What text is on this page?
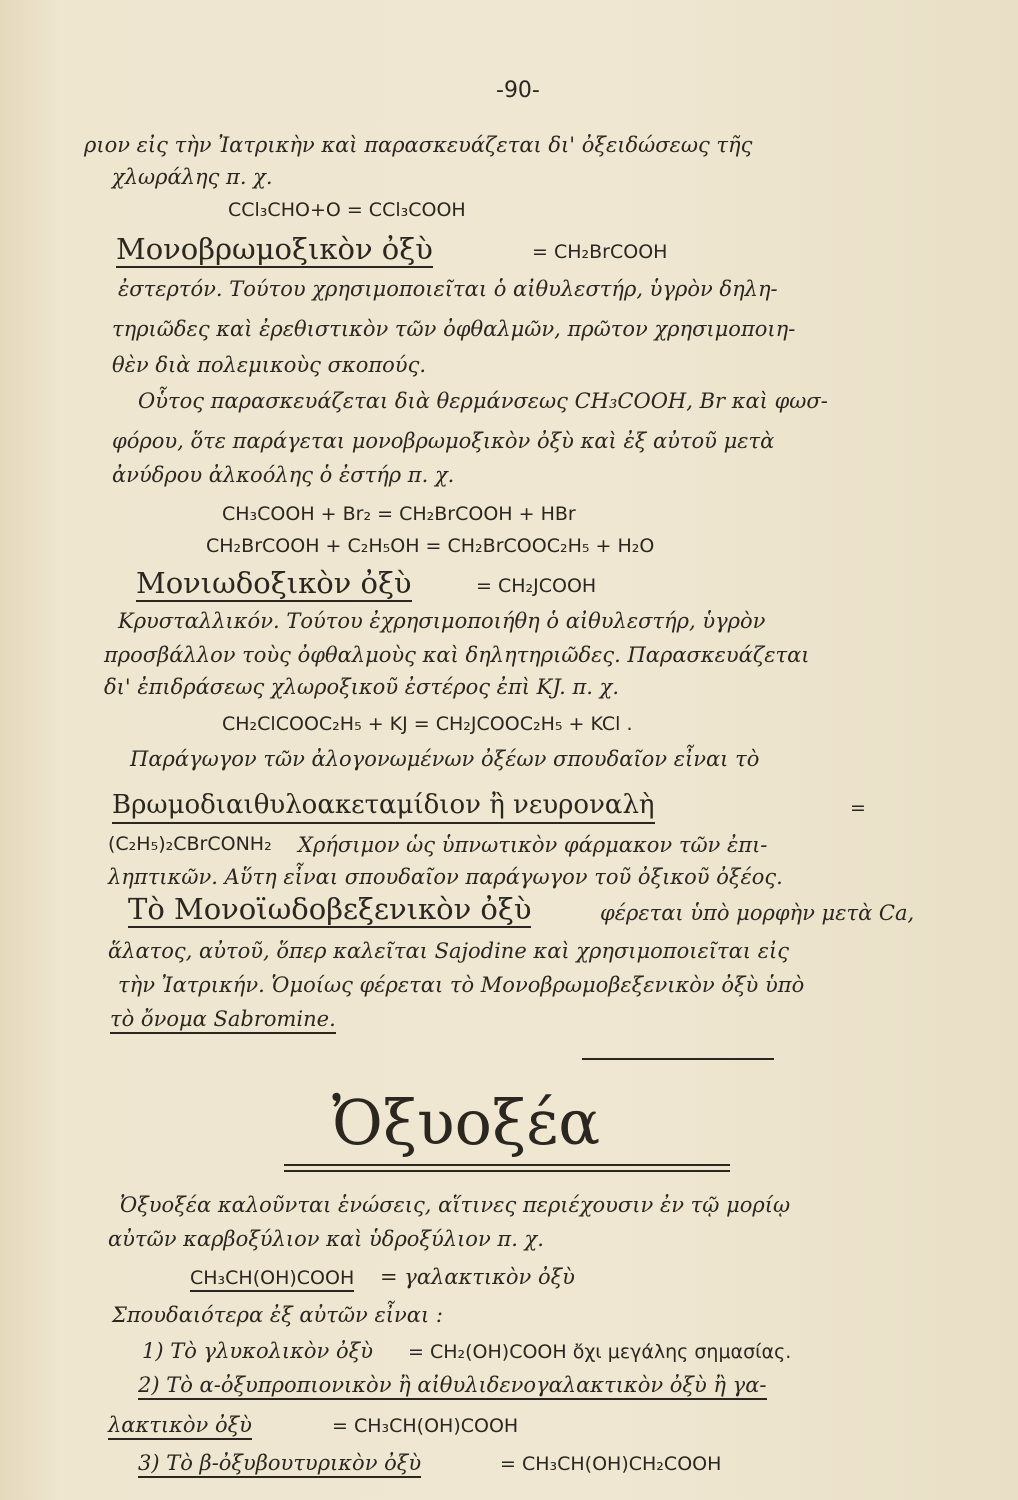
-90-
ριον εἰς τὴν Ἰατρικὴν καὶ παρασκευάζεται δι' ὀξειδώσεως τῆς
χλωράλης π. χ.
CCl₃CHO+O = CCl₃COOH
Μονοβρωμοξικὸν ὀξὺ	= CH₂BrCOOH
ἐστερτόν. Τούτου χρησιμοποιεῖται ὁ αἰθυλεστήρ, ὑγρὸν δηλη-
τηριῶδες καὶ ἐρεθιστικὸν τῶν ὀφθαλμῶν, πρῶτον χρησιμοποιη-
θὲν διὰ πολεμικοὺς σκοπούς.
Οὗτος παρασκευάζεται διὰ θερμάνσεως CH₃COOH, Br καὶ φωσ-
φόρου, ὅτε παράγεται μονοβρωμοξικὸν ὀξὺ καὶ ἐξ αὐτοῦ μετὰ
ἀνύδρου ἀλκοόλης ὁ ἐστήρ π. χ.
CH₃COOH + Br₂ = CH₂BrCOOH + HBr
CH₂BrCOOH + C₂H₅OH = CH₂BrCOOC₂H₅ + H₂O
Μονιωδοξικὸν ὀξὺ	= CH₂JCOOH
Κρυσταλλικόν. Τούτου ἐχρησιμοποιήθη ὁ αἰθυλεστήρ, ὑγρὸν
προσβάλλον τοὺς ὀφθαλμοὺς καὶ δηλητηριῶδες. Παρασκευάζεται
δι' ἐπιδράσεως χλωροξικοῦ ἐστέρος ἐπὶ KJ. π. χ.
CH₂ClCOOC₂H₅ + KJ = CH₂JCOOC₂H₅ + KCl .
Παράγωγον τῶν ἀλογονωμένων ὀξέων σπουδαῖον εἶναι τὸ
Βρωμοδιαιθυλοακεταμίδιον ἢ νευροναλὴ	=
(C₂H₅)₂CBrCONH₂ Χρήσιμον ὡς ὑπνωτικὸν φάρμακον τῶν ἐπι-
ληπτικῶν. Αὕτη εἶναι σπουδαῖον παράγωγον τοῦ ὀξικοῦ ὀξέος.
Τὸ Μονοϊωδοβεξενικὸν ὀξὺ	φέρεται ὑπὸ μορφὴν μετὰ Ca,
ἅλατος, αὐτοῦ, ὅπερ καλεῖται Sajodine καὶ χρησιμοποιεῖται εἰς
τὴν Ἰατρικήν. Ὁμοίως φέρεται τὸ Μονοβρωμοβεξενικὸν ὀξὺ ὑπὸ
τὸ ὄνομα Sabromine.
Ὀξυοξέα
Ὀξυοξέα καλοῦνται ἑνώσεις, αἵτινες περιέχουσιν ἐν τῷ μορίῳ
αὐτῶν καρβοξύλιον καὶ ὑδροξύλιον π. χ.
CH₃CH(OH)COOH = γαλακτικὸν ὀξὺ
Σπουδαιότερα ἐξ αὐτῶν εἶναι :
1) Τὸ γλυκολικὸν ὀξὺ = CH₂(OH)COOH ὄχι μεγάλης σημασίας.
2) Τὸ α-ὀξυπροπιονικὸν ἢ αἰθυλιδενογαλακτικὸν ὀξὺ ἢ γα-
λακτικὸν ὀξὺ	= CH₃CH(OH)COOH
3) Τὸ β-ὀξυβουτυρικὸν ὀξὺ	= CH₃CH(OH)CH₂COOH
